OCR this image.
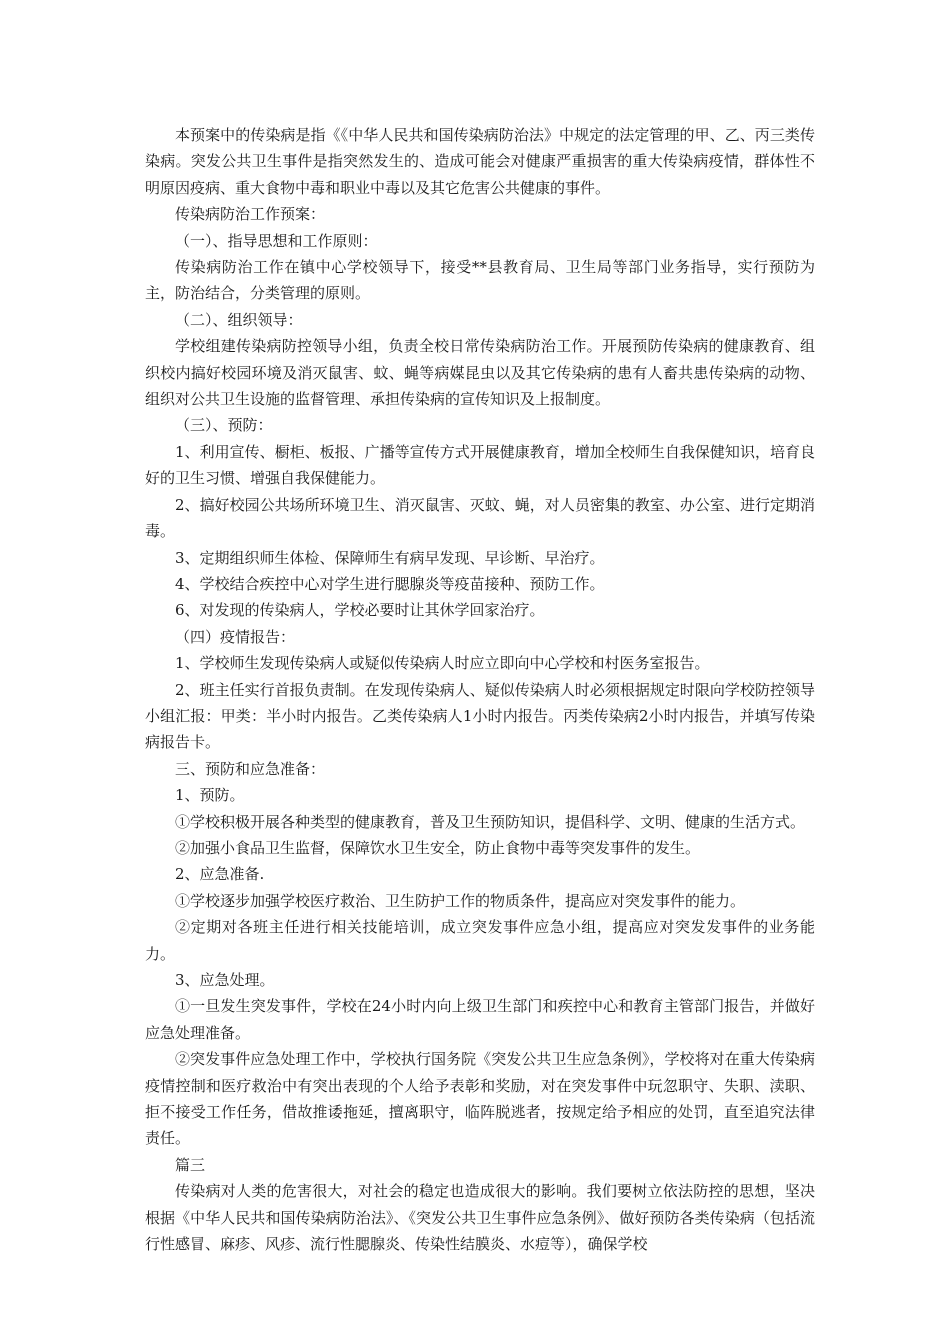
本预案中的传染病是指《《中华人民共和国传染病防治法》中规定的法定管理的甲、乙、丙三类传染病。突发公共卫生事件是指突然发生的、造成可能会对健康严重损害的重大传染病疫情，群体性不明原因疫病、重大食物中毒和职业中毒以及其它危害公共健康的事件。

传染病防治工作预案：

（一）、指导思想和工作原则：

传染病防治工作在镇中心学校领导下，接受**县教育局、卫生局等部门业务指导，实行预防为主，防治结合，分类管理的原则。

（二）、组织领导：

学校组建传染病防控领导小组，负责全校日常传染病防治工作。开展预防传染病的健康教育、组织校内搞好校园环境及消灭鼠害、蚊、蝇等病媒昆虫以及其它传染病的患有人畜共患传染病的动物、组织对公共卫生设施的监督管理、承担传染病的宣传知识及上报制度。

（三）、预防：

1、利用宣传、橱柜、板报、广播等宣传方式开展健康教育，增加全校师生自我保健知识，培育良好的卫生习惯、增强自我保健能力。

2、搞好校园公共场所环境卫生、消灭鼠害、灭蚊、蝇，对人员密集的教室、办公室、进行定期消毒。

3、定期组织师生体检、保障师生有病早发现、早诊断、早治疗。

4、学校结合疾控中心对学生进行腮腺炎等疫苗接种、预防工作。

6、对发现的传染病人，学校必要时让其休学回家治疗。

（四）疫情报告：

1、学校师生发现传染病人或疑似传染病人时应立即向中心学校和村医务室报告。

2、班主任实行首报负责制。在发现传染病人、疑似传染病人时必须根据规定时限向学校防控领导小组汇报：甲类：半小时内报告。乙类传染病人1小时内报告。丙类传染病2小时内报告，并填写传染病报告卡。

三、预防和应急准备：

1、预防。

①学校积极开展各种类型的健康教育，普及卫生预防知识，提倡科学、文明、健康的生活方式。

②加强小食品卫生监督，保障饮水卫生安全，防止食物中毒等突发事件的发生。

2、应急准备.

①学校逐步加强学校医疗救治、卫生防护工作的物质条件，提高应对突发事件的能力。

②定期对各班主任进行相关技能培训，成立突发事件应急小组，提高应对突发发事件的业务能力。

3、应急处理。

①一旦发生突发事件，学校在24小时内向上级卫生部门和疾控中心和教育主管部门报告，并做好应急处理准备。

②突发事件应急处理工作中，学校执行国务院《突发公共卫生应急条例》，学校将对在重大传染病疫情控制和医疗救治中有突出表现的个人给予表彰和奖励，对在突发事件中玩忽职守、失职、渎职、拒不接受工作任务，借故推诿拖延，擅离职守，临阵脱逃者，按规定给予相应的处罚，直至追究法律责任。

篇三

传染病对人类的危害很大，对社会的稳定也造成很大的影响。我们要树立依法防控的思想，坚决根据《中华人民共和国传染病防治法》、《突发公共卫生事件应急条例》、做好预防各类传染病（包括流行性感冒、麻疹、风疹、流行性腮腺炎、传染性结膜炎、水痘等），确保学校
